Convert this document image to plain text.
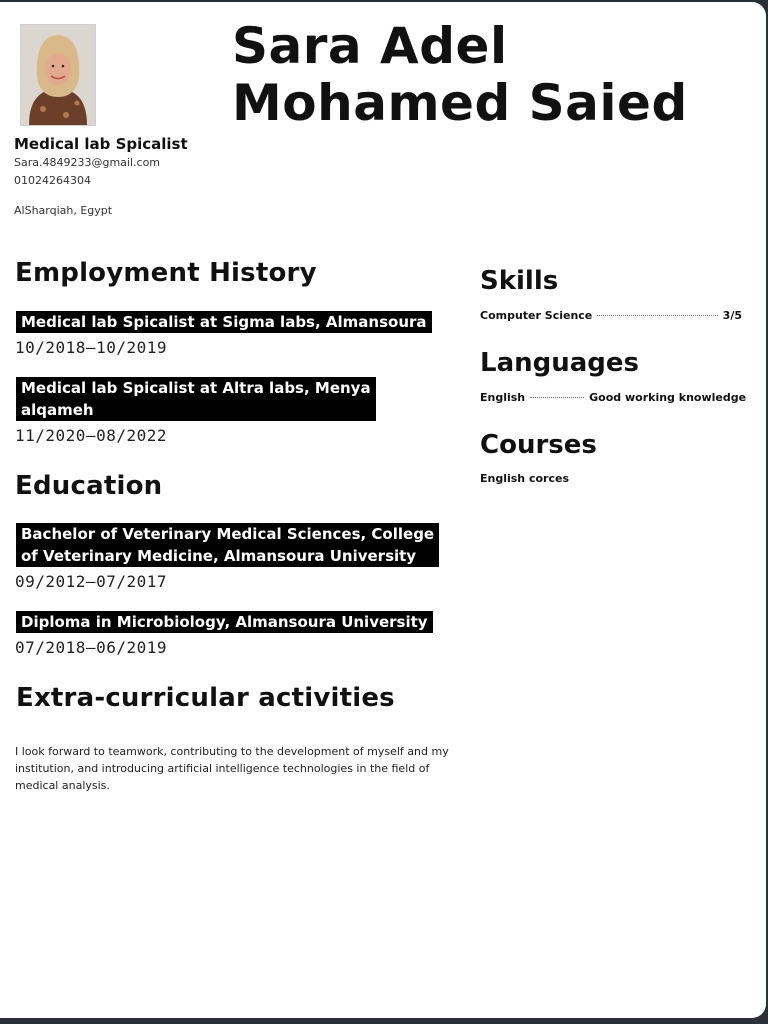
Sara Adel
Mohamed Saied
Medical lab Spicalist
Sara.4849233@gmail.com
01024264304
AlSharqiah, Egypt
Employment History
Medical lab Spicalist at Sigma labs, Almansoura
10/2018—10/2019
Medical lab Spicalist at Altra labs, Menya
alqameh
11/2020—08/2022
Education
Bachelor of Veterinary Medical Sciences, College
of Veterinary Medicine, Almansoura University
09/2012—07/2017
Diploma in Microbiology, Almansoura University
07/2018—06/2019
Extra-curricular activities

I look forward to teamwork, contributing to the development of myself and my institution, and introducing artificial intelligence technologies in the field of medical analysis.

Skills
Computer Science	3/5
Languages
English	Good working knowledge
Courses
English corces
